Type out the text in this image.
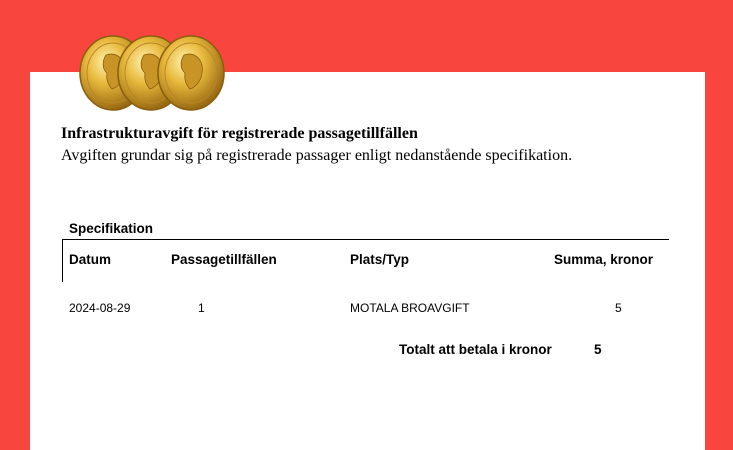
Infrastrukturavgift för registrerade passagetillfällen

Avgiften grundar sig på registrerade passager enligt nedanstående specifikation.

Specifikation
Datum	Passagetillfällen	Plats/Typ	Summa, kronor
2024-08-29	1	MOTALA BROAVGIFT	5
Totalt att betala i kronor	5
